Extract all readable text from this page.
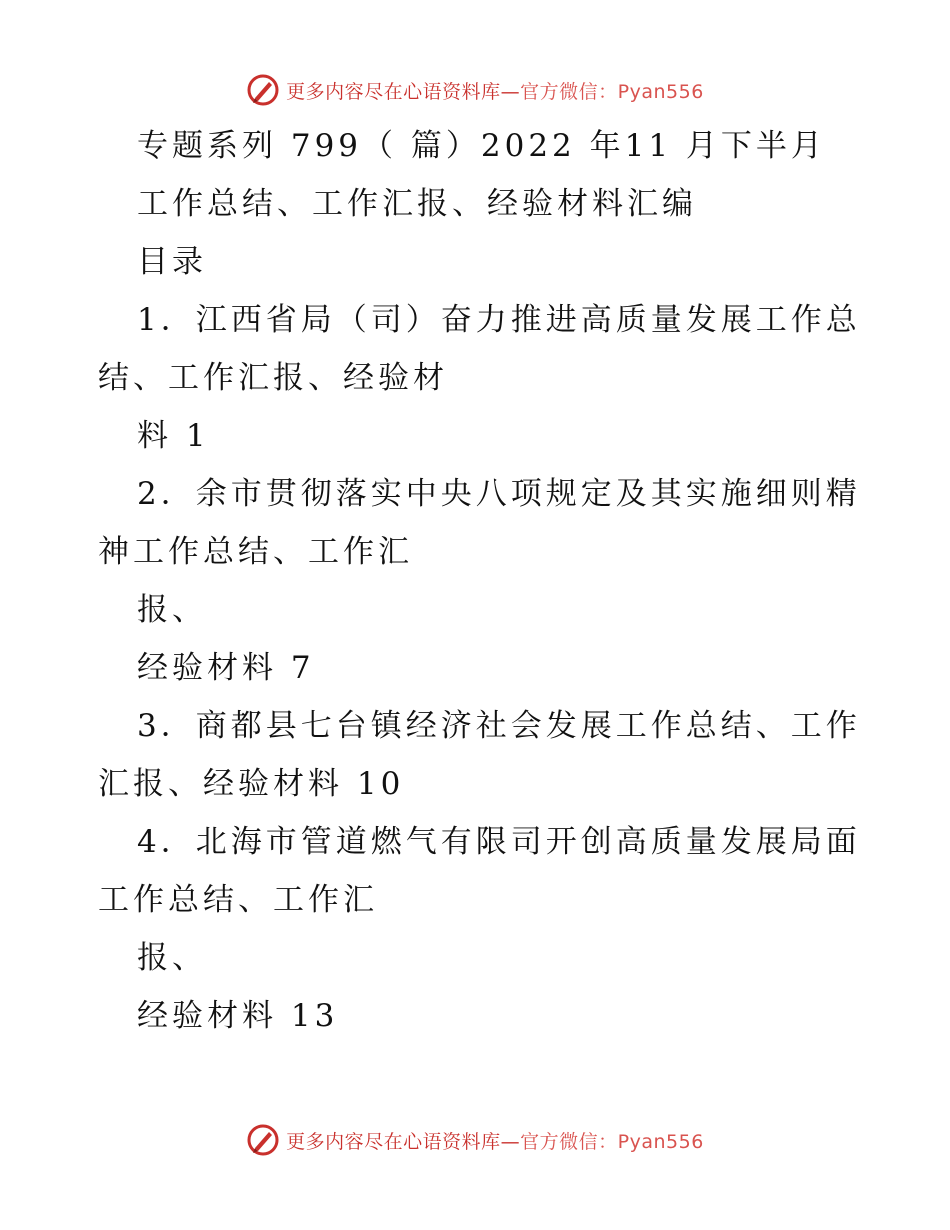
更多内容尽在心语资料库—官方微信：Pyan556
专题系列 799（ 篇）2022 年11 月下半月
工作总结、工作汇报、经验材料汇编
目录
1．江西省局（司）奋力推进高质量发展工作总
结、工作汇报、经验材
料 1
2．余市贯彻落实中央八项规定及其实施细则精
神工作总结、工作汇
报、
经验材料 7
3．商都县七台镇经济社会发展工作总结、工作
汇报、经验材料 10
4．北海市管道燃气有限司开创高质量发展局面
工作总结、工作汇
报、
经验材料 13
更多内容尽在心语资料库—官方微信：Pyan556
